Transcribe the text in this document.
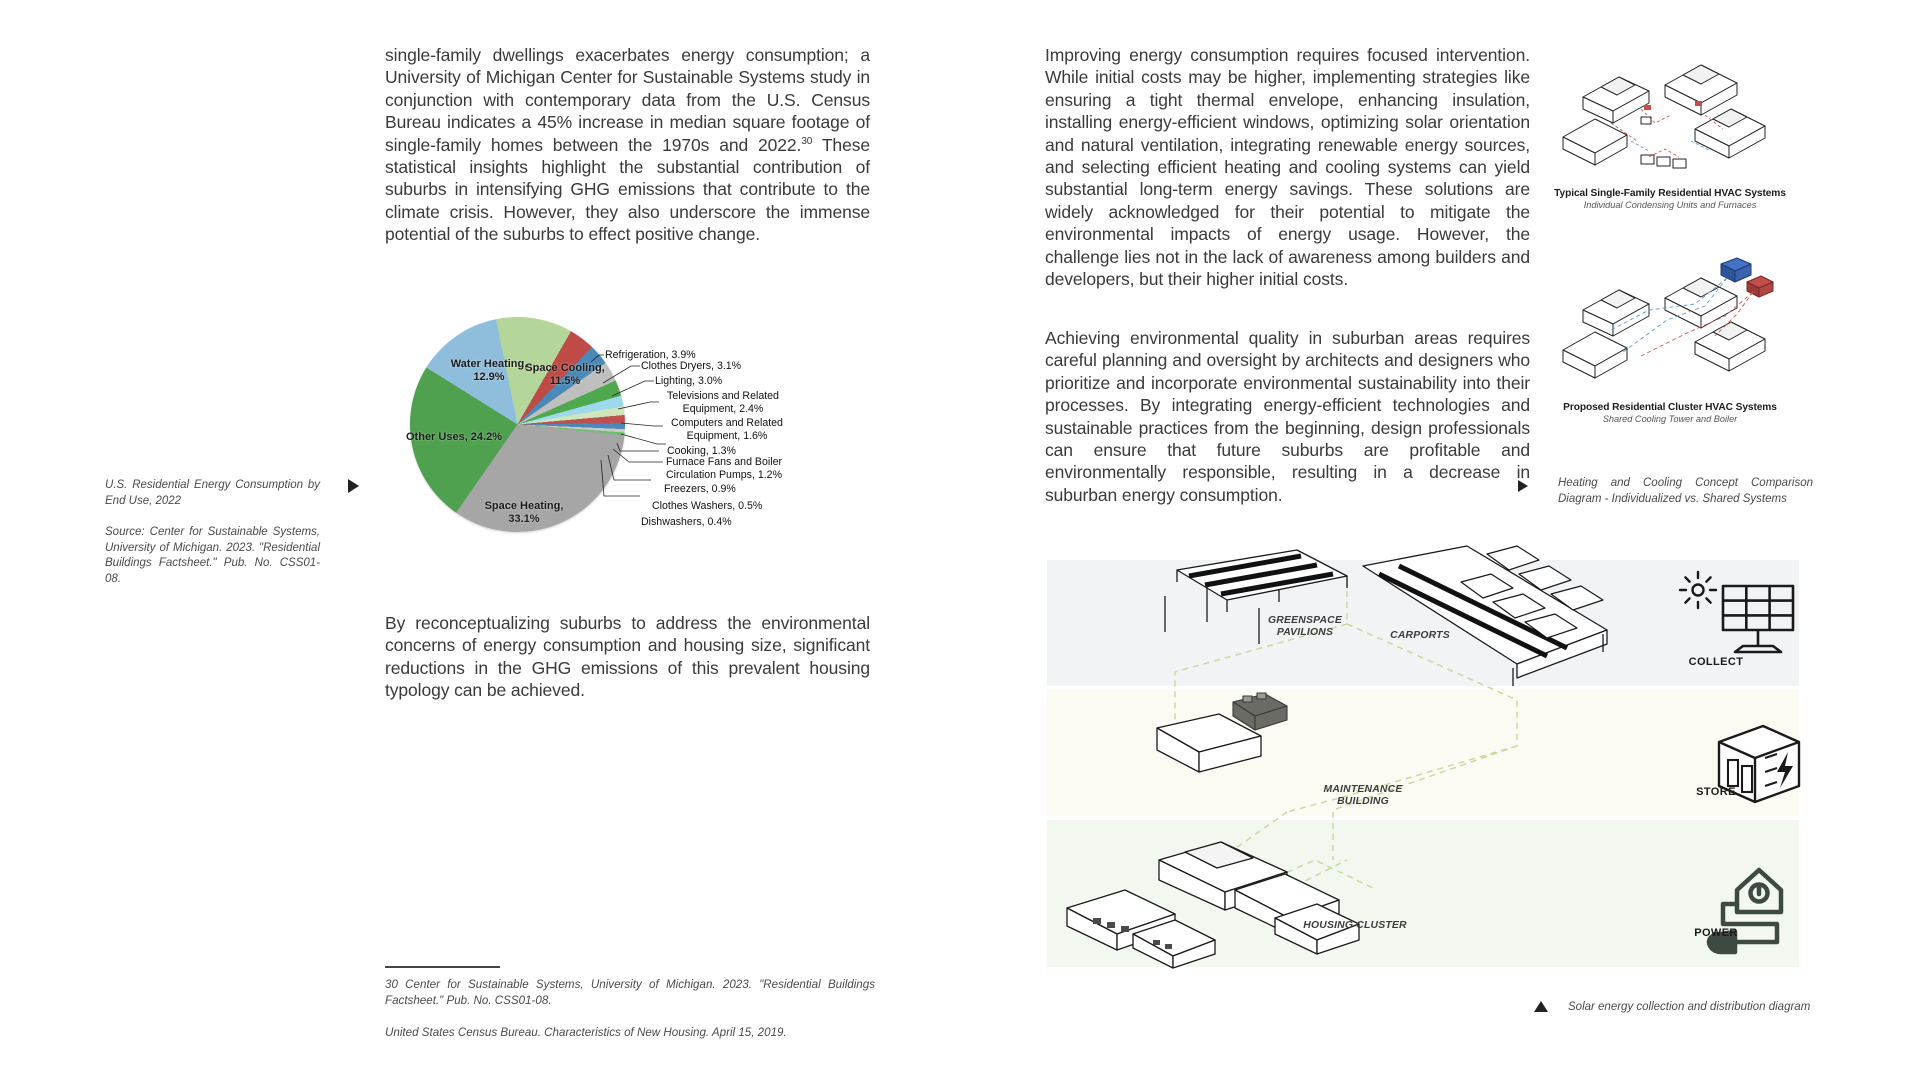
single-family dwellings exacerbates energy consumption; a University of Michigan Center for Sustainable Systems study in conjunction with contemporary data from the U.S. Census Bureau indicates a 45% increase in median square footage of single-family homes between the 1970s and 2022.30 These statistical insights highlight the substantial contribution of suburbs in intensifying GHG emissions that contribute to the climate crisis. However, they also underscore the immense potential of the suburbs to effect positive change.
U.S. Residential Energy Consumption by End Use, 2022
Source: Center for Sustainable Systems, University of Michigan. 2023. "Residential Buildings Factsheet." Pub. No. CSS01-08.
Water Heating, 12.9%
Space Cooling, 11.5%
Other Uses, 24.2%
Space Heating, 33.1%
Refrigeration, 3.9%
Clothes Dryers, 3.1%
Lighting, 3.0%
Televisions and Related Equipment, 2.4%
Computers and Related Equipment, 1.6%
Cooking, 1.3%
Furnace Fans and Boiler Circulation Pumps, 1.2%
Freezers, 0.9%
Clothes Washers, 0.5%
Dishwashers, 0.4%
By reconceptualizing suburbs to address the environmental concerns of energy consumption and housing size, significant reductions in the GHG emissions of this prevalent housing typology can be achieved.
30 Center for Sustainable Systems, University of Michigan. 2023. "Residential Buildings Factsheet." Pub. No. CSS01-08.
United States Census Bureau. Characteristics of New Housing. April 15, 2019.
Improving energy consumption requires focused intervention. While initial costs may be higher, implementing strategies like ensuring a tight thermal envelope, enhancing insulation, installing energy-efficient windows, optimizing solar orientation and natural ventilation, integrating renewable energy sources, and selecting efficient heating and cooling systems can yield substantial long-term energy savings. These solutions are widely acknowledged for their potential to mitigate the environmental impacts of energy usage. However, the challenge lies not in the lack of awareness among builders and developers, but their higher initial costs.
Achieving environmental quality in suburban areas requires careful planning and oversight by architects and designers who prioritize and incorporate environmental sustainability into their processes. By integrating energy-efficient technologies and sustainable practices from the beginning, design professionals can ensure that future suburbs are profitable and environmentally responsible, resulting in a decrease in suburban energy consumption.
Typical Single-Family Residential HVAC Systems
Individual Condensing Units and Furnaces
Proposed Residential Cluster HVAC Systems
Shared Cooling Tower and Boiler
Heating and Cooling Concept Comparison Diagram - Individualized vs. Shared Systems
COLLECT
STORE
POWER
GREENSPACE PAVILIONS	CARPORTS
MAINTENANCE BUILDING
HOUSING CLUSTER
Solar energy collection and distribution diagram
